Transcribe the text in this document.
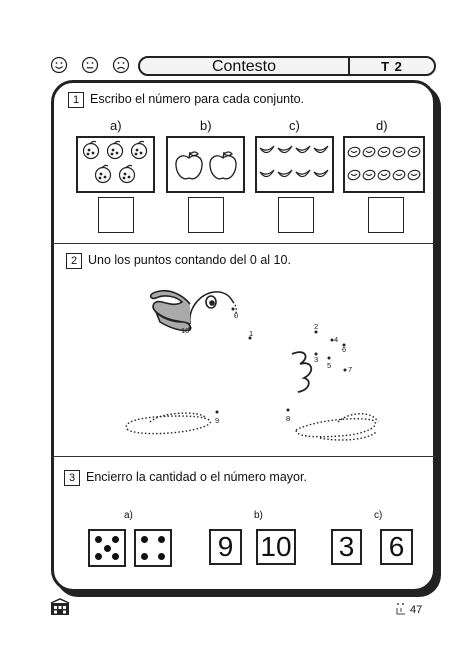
Contesto	T 2
1 Escribo el número para cada conjunto.
a)	b)	c)	d)
2 Uno los puntos contando del 0 al 10.
0
1
2
3
4
5
6
7
8
9
10
3 Encierro la cantidad o el número mayor.
a)	b)	c)
9 10 3	6
47
